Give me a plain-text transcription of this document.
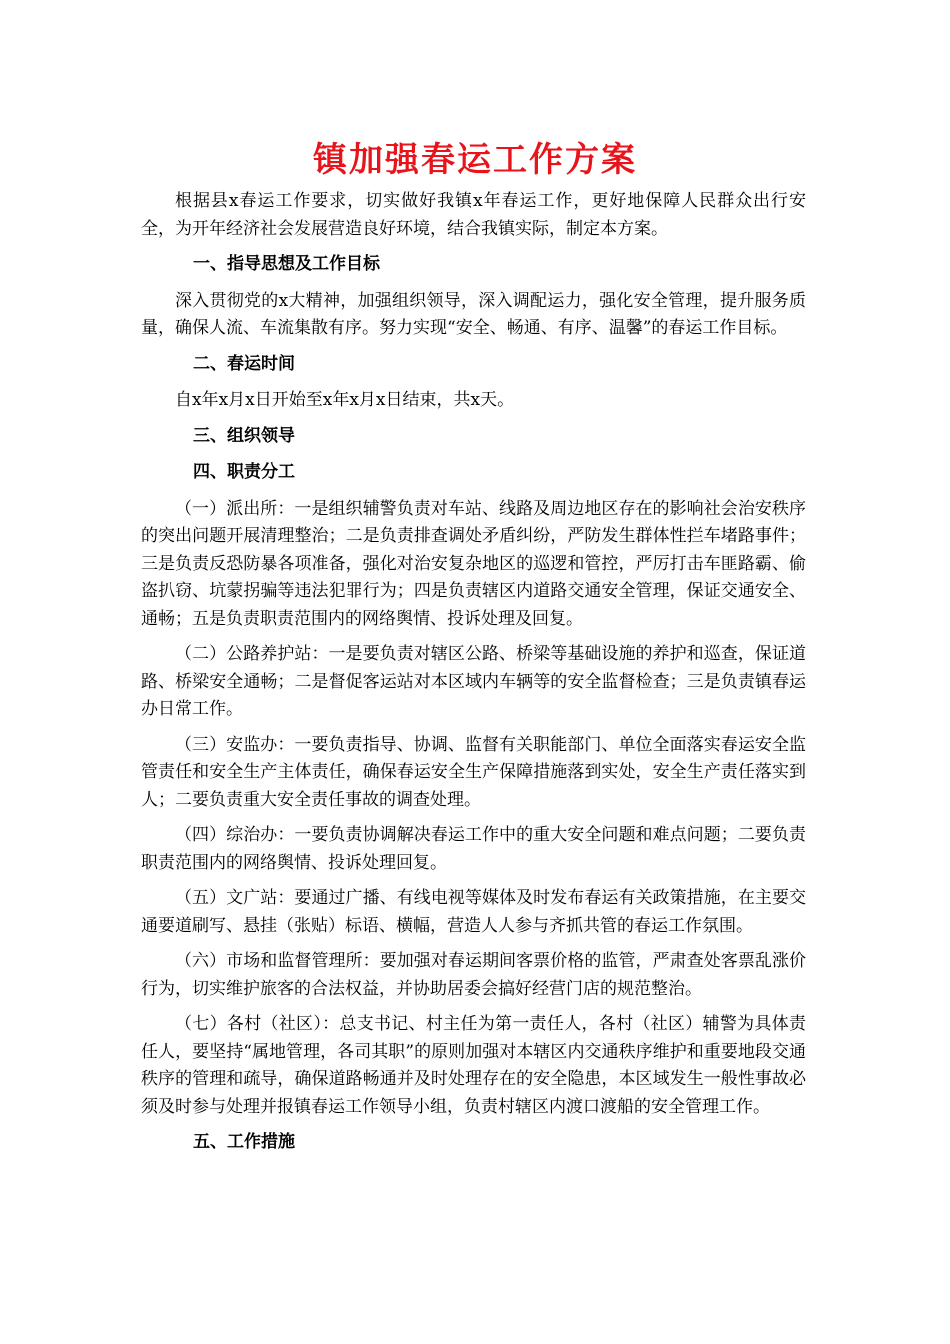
镇加强春运工作方案

根据县x春运工作要求，切实做好我镇x年春运工作，更好地保障人民群众出行安全，为开年经济社会发展营造良好环境，结合我镇实际，制定本方案。

一、指导思想及工作目标

深入贯彻党的x大精神，加强组织领导，深入调配运力，强化安全管理，提升服务质量，确保人流、车流集散有序。努力实现“安全、畅通、有序、温馨”的春运工作目标。

二、春运时间

自x年x月x日开始至x年x月x日结束，共x天。

三、组织领导
四、职责分工

（一）派出所：一是组织辅警负责对车站、线路及周边地区存在的影响社会治安秩序的突出问题开展清理整治；二是负责排查调处矛盾纠纷，严防发生群体性拦车堵路事件；三是负责反恐防暴各项准备，强化对治安复杂地区的巡逻和管控，严厉打击车匪路霸、偷盗扒窃、坑蒙拐骗等违法犯罪行为；四是负责辖区内道路交通安全管理，保证交通安全、通畅；五是负责职责范围内的网络舆情、投诉处理及回复。

（二）公路养护站：一是要负责对辖区公路、桥梁等基础设施的养护和巡查，保证道路、桥梁安全通畅；二是督促客运站对本区域内车辆等的安全监督检查；三是负责镇春运办日常工作。

（三）安监办：一要负责指导、协调、监督有关职能部门、单位全面落实春运安全监管责任和安全生产主体责任，确保春运安全生产保障措施落到实处，安全生产责任落实到人；二要负责重大安全责任事故的调查处理。

（四）综治办：一要负责协调解决春运工作中的重大安全问题和难点问题；二要负责职责范围内的网络舆情、投诉处理回复。

（五）文广站：要通过广播、有线电视等媒体及时发布春运有关政策措施，在主要交通要道刷写、悬挂（张贴）标语、横幅，营造人人参与齐抓共管的春运工作氛围。

（六）市场和监督管理所：要加强对春运期间客票价格的监管，严肃查处客票乱涨价行为，切实维护旅客的合法权益，并协助居委会搞好经营门店的规范整治。

（七）各村（社区）：总支书记、村主任为第一责任人，各村（社区）辅警为具体责任人，要坚持“属地管理，各司其职”的原则加强对本辖区内交通秩序维护和重要地段交通秩序的管理和疏导，确保道路畅通并及时处理存在的安全隐患，本区域发生一般性事故必须及时参与处理并报镇春运工作领导小组，负责村辖区内渡口渡船的安全管理工作。

五、工作措施
